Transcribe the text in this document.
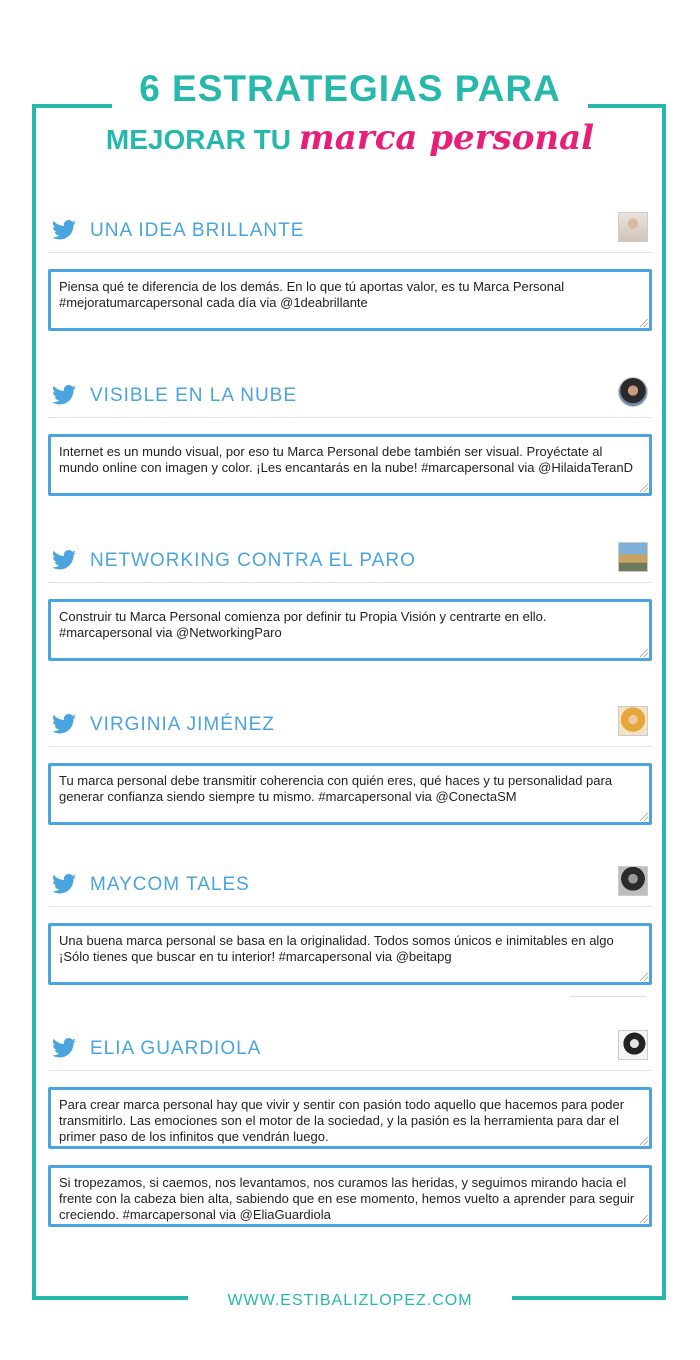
6 ESTRATEGIAS PARA
MEJORAR TU marca personal
UNA IDEA BRILLANTE
Piensa qué te diferencia de los demás. En lo que tú aportas valor, es tu Marca Personal #mejoratumarcapersonal cada día via @1deabrillante
VISIBLE EN LA NUBE
Internet es un mundo visual, por eso tu Marca Personal debe también ser visual. Proyéctate al mundo online con imagen y color. ¡Les encantarás en la nube! #marcapersonal via @HilaidaTeranD
NETWORKING CONTRA EL PARO
Construir tu Marca Personal comienza por definir tu Propia Visión y centrarte en ello. #marcapersonal via @NetworkingParo
VIRGINIA JIMÉNEZ
Tu marca personal debe transmitir coherencia con quién eres, qué haces y tu personalidad para generar confianza siendo siempre tu mismo. #marcapersonal via @ConectaSM
MAYCOM TALES
Una buena marca personal se basa en la originalidad. Todos somos únicos e inimitables en algo ¡Sólo tienes que buscar en tu interior! #marcapersonal via @beitapg
ELIA GUARDIOLA
Para crear marca personal hay que vivir y sentir con pasión todo aquello que hacemos para poder transmitirlo. Las emociones son el motor de la sociedad, y la pasión es la herramienta para dar el primer paso de los infinitos que vendrán luego.
Si tropezamos, si caemos, nos levantamos, nos curamos las heridas, y seguimos mirando hacia el frente con la cabeza bien alta, sabiendo que en ese momento, hemos vuelto a aprender para seguir creciendo. #marcapersonal via @EliaGuardiola
WWW.ESTIBALIZLOPEZ.COM
